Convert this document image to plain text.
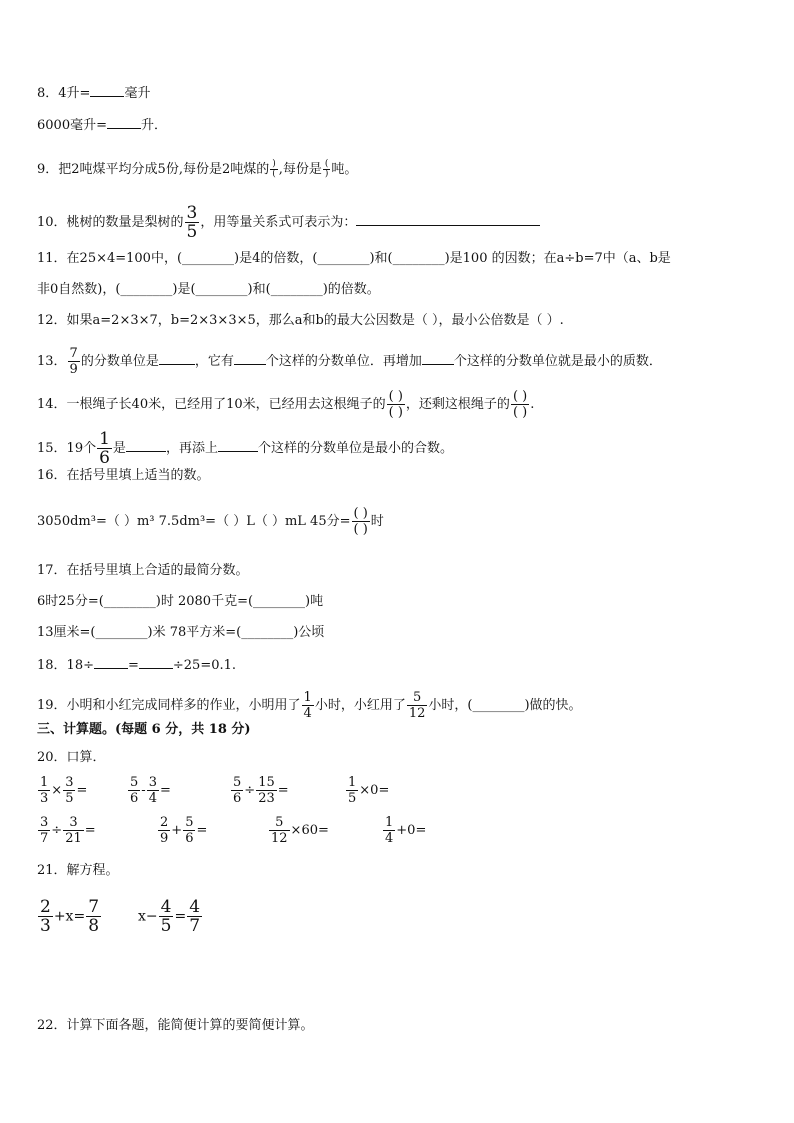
8．4升=	毫升
6000毫升=	升．
9．把2吨煤平均分成5份,每份是2吨煤的 $\frac{)}{(}$ ,每份是 $\frac{(}{)}$ 吨。
10．桃树的数量是梨树的 $\frac{3}{5}$ ，用等量关系式可表示为：
11．在25×4=100中，(________)是4的倍数，(________)和(________)是100 的因数；在a÷b=7中（a、b是
非0自然数)，(________)是(________)和(________)的倍数。
12．如果a=2×3×7，b=2×3×3×5，那么a和b的最大公因数是（ ），最小公倍数是（ ）.
13． $\frac{7}{9}$ 的分数单位是	，它有 个这样的分数单位．再增加 个这样的分数单位就是最小的质数．
14．一根绳子长40米，已经用了10米，已经用去这根绳子的 $\frac{( )}{( )}$ ，还剩这根绳子的 $\frac{( )}{( )}$ .
15．19个 $\frac{1}{6}$ 是	，再添上	个这样的分数单位是最小的合数。
16．在括号里填上适当的数。
3050dm³=（ ）m³ 7.5dm³=（ ）L（ ）mL 45分= $\frac{( )}{( )}$ 时
17．在括号里填上合适的最简分数。
6时25分=(________)时 2080千克=(________)吨
13厘米=(________)米 78平方米=(________)公顷
18．18÷	=	÷25=0.1.
19．小明和小红完成同样多的作业，小明用了 $\frac{1}{4}$ 小时，小红用了 $\frac{5}{12}$ 小时，(________)做的快。
三、计算题。(每题 6 分，共 18 分)
20．口算．
$\frac{1}{3} \times \frac{3}{5}$ =	$\frac{5}{6} - \frac{3}{4}$ =	$\frac{5}{6} \div \frac{15}{23}$ =	$\frac{1}{5} \times 0=$
$\frac{3}{7} \div \frac{3}{21}$ =	$\frac{2}{9} + \frac{5}{6}$ =	$\frac{5}{12} \times 60=$	$\frac{1}{4} +0=$
21．解方程。
$\frac{2}{3} +x= \frac{7}{8}$	$x- \frac{4}{5} = \frac{4}{7}$
22．计算下面各题，能简便计算的要简便计算。
